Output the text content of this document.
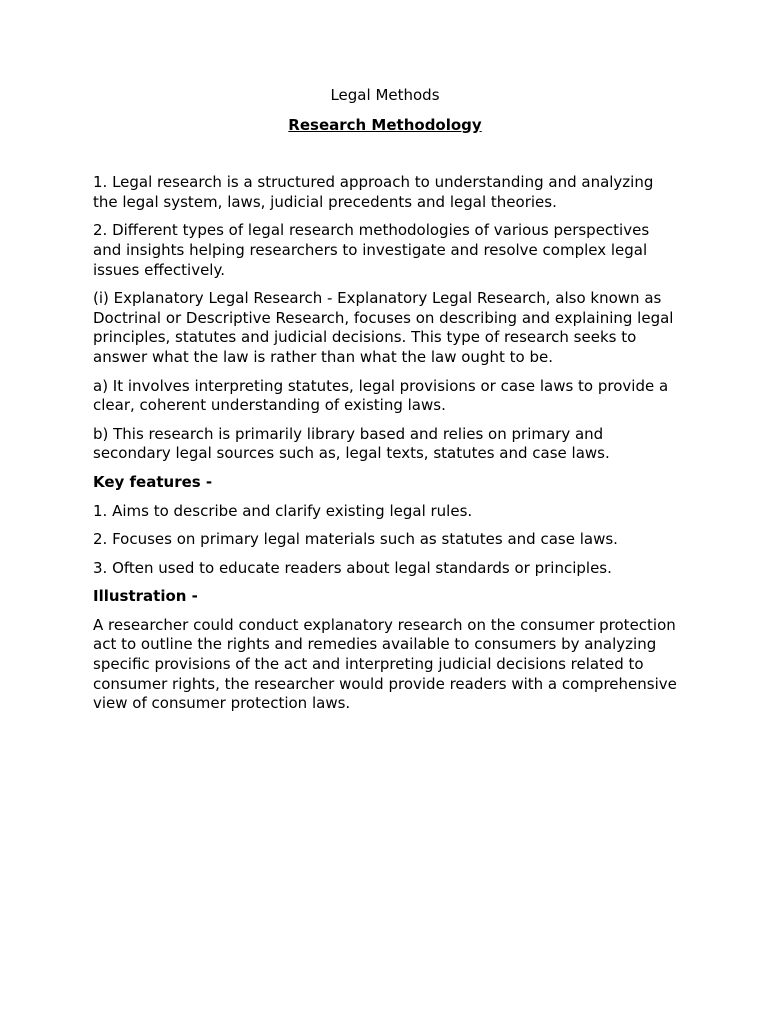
Legal Methods
Research Methodology

1. Legal research is a structured approach to understanding and analyzing the legal system, laws, judicial precedents and legal theories.

2. Different types of legal research methodologies of various perspectives and insights helping researchers to investigate and resolve complex legal issues effectively.

(i) Explanatory Legal Research - Explanatory Legal Research, also known as Doctrinal or Descriptive Research, focuses on describing and explaining legal principles, statutes and judicial decisions. This type of research seeks to answer what the law is rather than what the law ought to be.

a) It involves interpreting statutes, legal provisions or case laws to provide a clear, coherent understanding of existing laws.

b) This research is primarily library based and relies on primary and secondary legal sources such as, legal texts, statutes and case laws.

Key features -

1. Aims to describe and clarify existing legal rules.

2. Focuses on primary legal materials such as statutes and case laws.

3. Often used to educate readers about legal standards or principles.

Illustration -

A researcher could conduct explanatory research on the consumer protection act to outline the rights and remedies available to consumers by analyzing specific provisions of the act and interpreting judicial decisions related to consumer rights, the researcher would provide readers with a comprehensive view of consumer protection laws.
